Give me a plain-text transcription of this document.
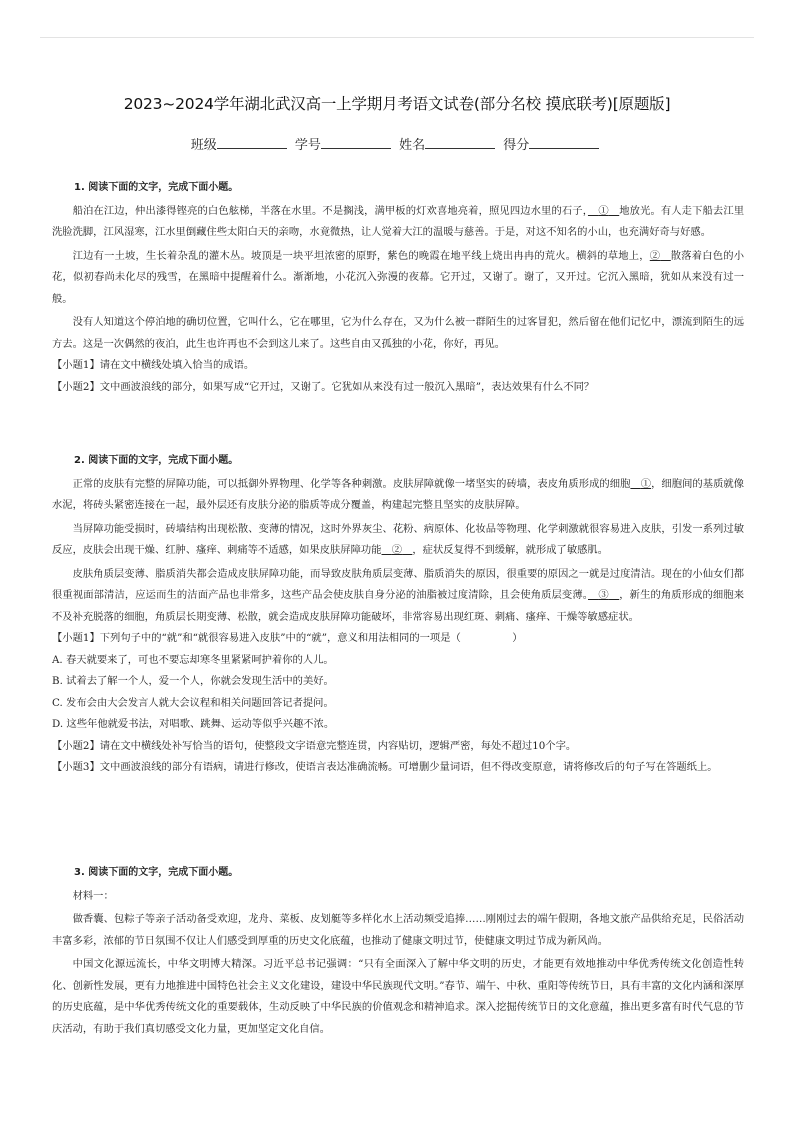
2023~2024学年湖北武汉高一上学期月考语文试卷(部分名校 摸底联考)[原题版]
班级	学号	姓名	得分
1. 阅读下面的文字，完成下面小题。
船泊在江边，仲出漆得铿亮的白色舷梯，半落在水里。不是搁浅，满甲板的灯欢喜地亮着，照见四边水里的石子，　 ①　 地放光。有人走下船去江里洗脸洗脚，江风湿寒，江水里倒藏住些太阳白天的亲吻，水竟微热，让人觉着大江的温暖与慈善。于是，对这不知名的小山，也充满好奇与好感。
江边有一土坡，生长着杂乱的灌木丛。坡顶是一块平坦浓密的原野，紫色的晚霞在地平线上烧出冉冉的荒火。横斜的草地上，②　 散落着白色的小花，似初春尚未化尽的残雪，在黑暗中提醒着什么。渐渐地，小花沉入弥漫的夜幕。它开过，又谢了。谢了，又开过。它沉入黑暗，犹如从来没有过一般。
没有人知道这个停泊地的确切位置，它叫什么，它在哪里，它为什么存在，又为什么被一群陌生的过客冒犯，然后留在他们记忆中，漂流到陌生的远方去。这是一次偶然的夜泊，此生也许再也不会到这儿来了。这些自由又孤独的小花，你好，再见。
【小题1】请在文中横线处填入恰当的成语。
【小题2】文中画波浪线的部分，如果写成“它开过，又谢了。它犹如从来没有过一般沉入黑暗”，表达效果有什么不同？
2. 阅读下面的文字，完成下面小题。
正常的皮肤有完整的屏障功能，可以抵御外界物理、化学等各种刺激。皮肤屏障就像一堵坚实的砖墙，表皮角质形成的细胞　 ①，细胞间的基质就像水泥，将砖头紧密连接在一起，最外层还有皮肤分泌的脂质等成分覆盖，构建起完整且坚实的皮肤屏障。
当屏障功能受损时，砖墙结构出现松散、变薄的情况，这时外界灰尘、花粉、病原体、化妆品等物理、化学刺激就很容易进入皮肤，引发一系列过敏反应，皮肤会出现干燥、红肿、瘙痒、刺痛等不适感，如果皮肤屏障功能　 ②　 ，症状反复得不到缓解，就形成了敏感肌。
皮肤角质层变薄、脂质消失都会造成皮肤屏障功能，而导致皮肤角质层变薄、脂质消失的原因，很重要的原因之一就是过度清洁。现在的小仙女们都很重视面部清洁，应运而生的洁面产品也非常多，这些产品会使皮肤自身分泌的油脂被过度清除，且会使角质层变薄。　 ③　 ，新生的角质形成的细胞来不及补充脱落的细胞，角质层长期变薄、松散，就会造成皮肤屏障功能破坏，非常容易出现红斑、刺痛、瘙痒、干燥等敏感症状。
【小题1】下列句子中的“就”和“就很容易进入皮肤”中的“就”，意义和用法相同的一项是（　　　　　）
A. 春天就要来了，可也不要忘却寒冬里紧紧呵护着你的人儿。
B. 试着去了解一个人，爱一个人，你就会发现生活中的美好。
C. 发布会由大会发言人就大会议程和相关问题回答记者提问。
D. 这些年他就爱书法，对唱歌、跳舞、运动等似乎兴趣不浓。
【小题2】请在文中横线处补写恰当的语句，使整段文字语意完整连贯，内容贴切，逻辑严密，每处不超过10个字。
【小题3】文中画波浪线的部分有语病，请进行修改，使语言表达准确流畅。可增删少量词语，但不得改变原意，请将修改后的句子写在答题纸上。
3. 阅读下面的文字，完成下面小题。
材料一：
做香囊、包粽子等亲子活动备受欢迎，龙舟、菜板、皮划艇等多样化水上活动频受追捧……刚刚过去的端午假期，各地文旅产品供给充足，民俗活动丰富多彩，浓郁的节日氛围不仅让人们感受到厚重的历史文化底蕴，也推动了健康文明过节，使健康文明过节成为新风尚。
中国文化源远流长，中华文明博大精深。习近平总书记强调：“只有全面深入了解中华文明的历史，才能更有效地推动中华优秀传统文化创造性转化、创新性发展，更有力地推进中国特色社会主义文化建设，建设中华民族现代文明。”春节、端午、中秋、重阳等传统节日，具有丰富的文化内涵和深厚的历史底蕴，是中华优秀传统文化的重要载体，生动反映了中华民族的价值观念和精神追求。深入挖掘传统节日的文化意蕴，推出更多富有时代气息的节庆活动，有助于我们真切感受文化力量，更加坚定文化自信。
